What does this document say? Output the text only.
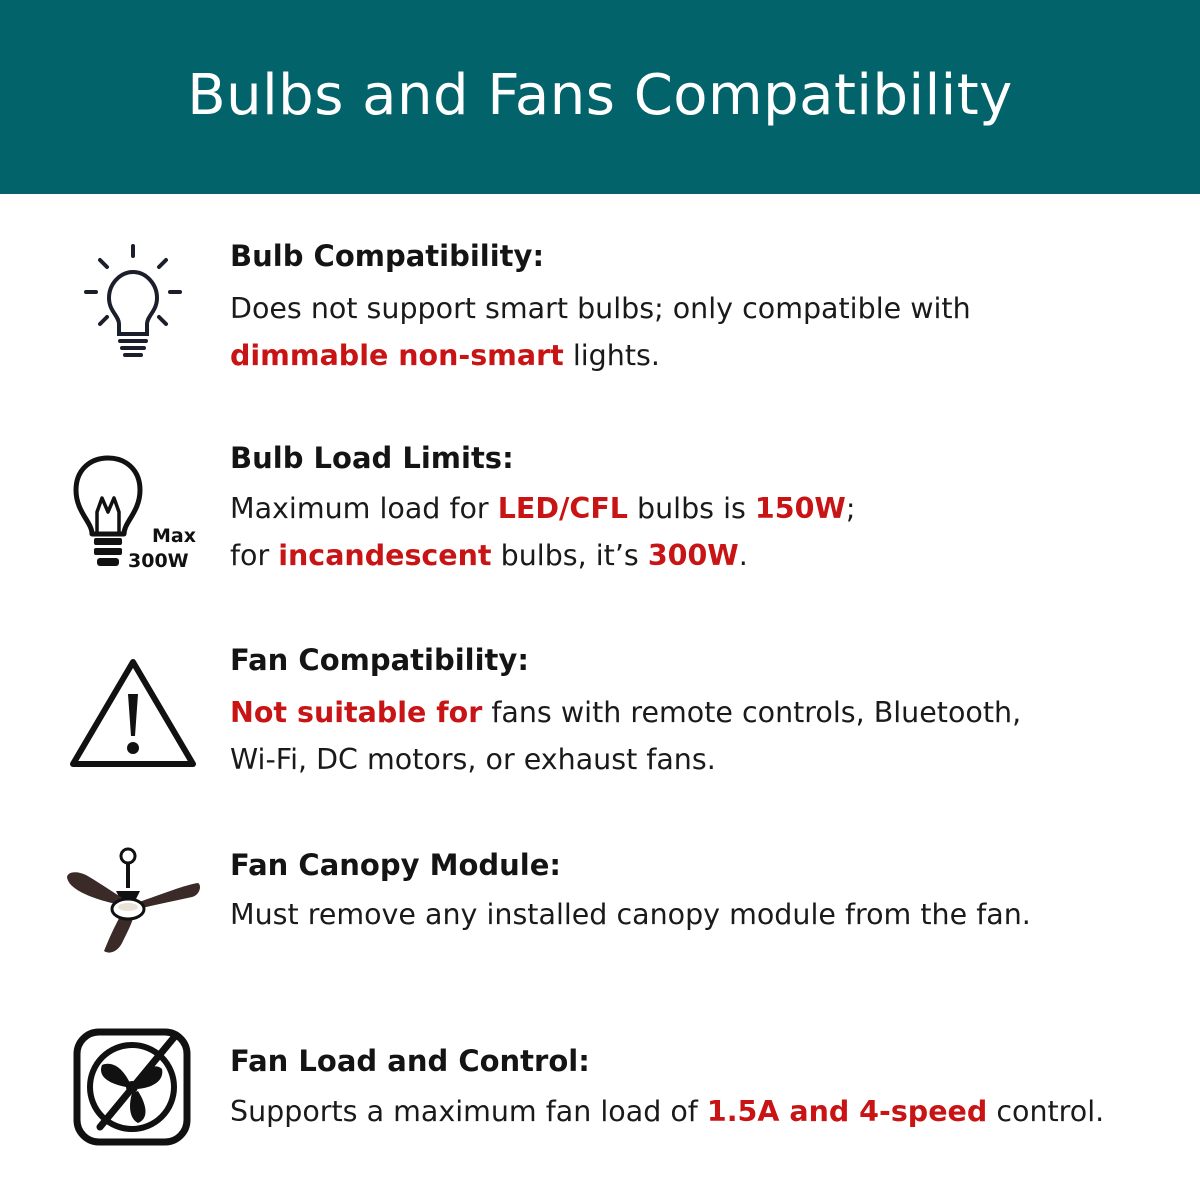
Bulbs and Fans Compatibility

Bulb Compatibility:

Does not support smart bulbs; only compatible with
dimmable non-smart lights.

Max
300W

Bulb Load Limits:

Maximum load for LED/CFL bulbs is 150W;
for incandescent bulbs, it’s 300W.

Fan Compatibility:

Not suitable for fans with remote controls, Bluetooth,
Wi-Fi, DC motors, or exhaust fans.

Fan Canopy Module:

Must remove any installed canopy module from the fan.

Fan Load and Control:

Supports a maximum fan load of 1.5A and 4-speed control.
